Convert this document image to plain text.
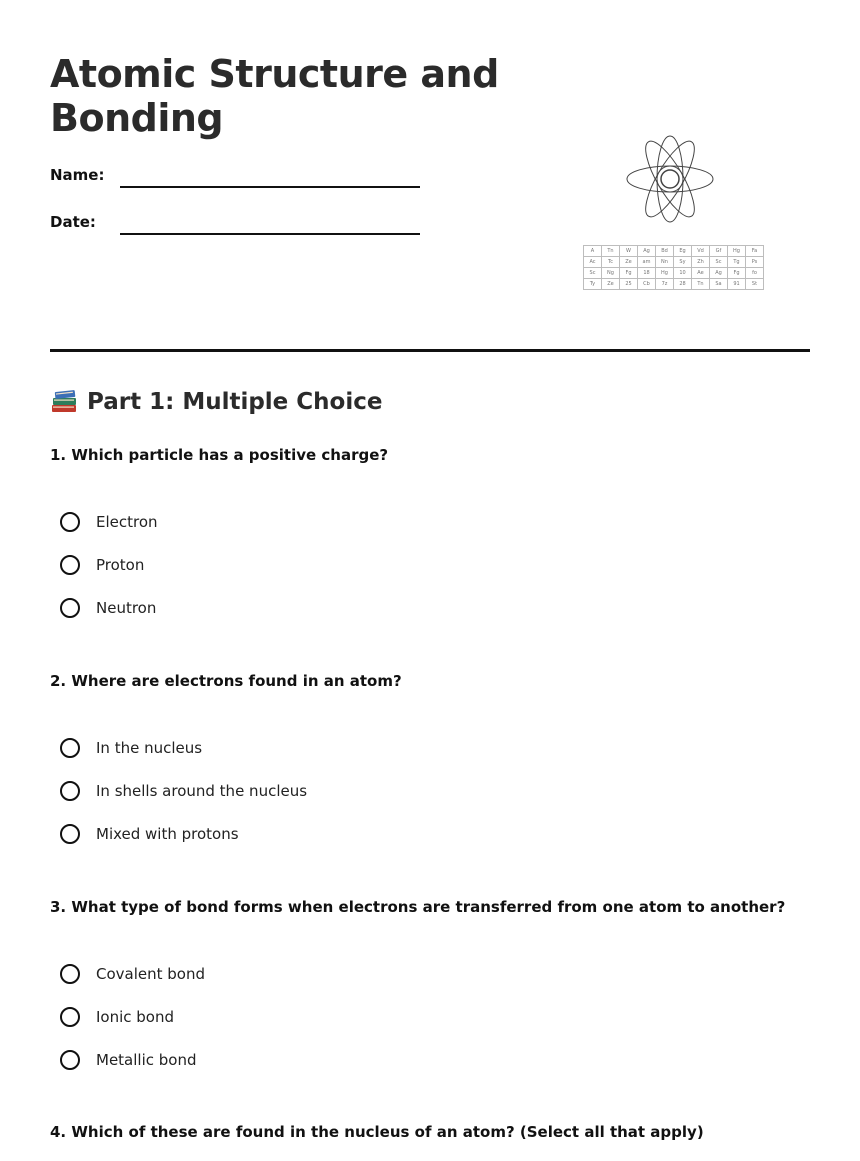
Atomic Structure and Bonding
Name:
Date:
A	Tn	W	Ag	Bd	Eg	Vd	Gf	Hg	Fa
Ac	Tc	Ze	am	Nn	Sy	Zh	Sc	Tg	Ps
Sc	Ng	Fg	18	Hg	10	Ae	Ag	Fg	fo
Ty	Ze	25	Cb	7z	28	Tn	Sa	91	St
Part 1: Multiple Choice

1. Which particle has a positive charge?

Electron
Proton
Neutron

2. Where are electrons found in an atom?

In the nucleus
In shells around the nucleus
Mixed with protons

3. What type of bond forms when electrons are transferred from one atom to another?

Covalent bond
Ionic bond
Metallic bond

4. Which of these are found in the nucleus of an atom? (Select all that apply)
